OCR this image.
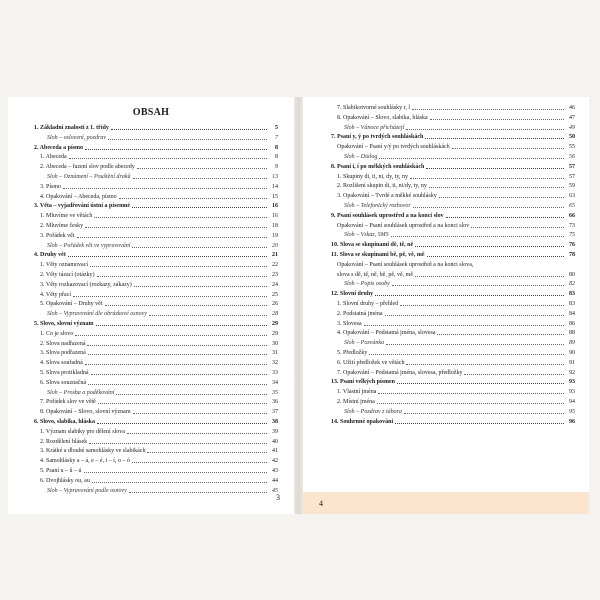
OBSAH
1. Základní znalosti z 1. třídy	5
Sloh – oslovení, pozdrav	7
2. Abeceda a písmo	8
1. Abeceda	8
2. Abeceda – řazení slov podle abecedy	9
Sloh – Oznámení – Pouštění draků	13
3. Písmo	14
4. Opakování – Abeceda, písmo	15
3. Věta – vyjadřování ústní a písemné	16
1. Mluvíme ve větách	16
2. Mluvíme česky	18
3. Pořádek vět	19
Sloh – Pořádek vět ve vypravování	20
4. Druhy vět	21
1. Věty oznamovací	22
2. Věty tázací (otázky)	23
3. Věty rozkazovací (rozkazy, zákazy)	24
4. Věty přací	25
5. Opakování – Druhy vět	26
Sloh – Vypravování dle obrázkové osnovy	28
5. Slovo, slovní význam	29
1. Co je slovo	29
2. Slova nadřazená	30
3. Slova podřazená	31
4. Slova souřadná	32
5. Slova protikladná	33
6. Slova souznačná	34
Sloh – Prosba a poděkování	35
7. Pořádek slov ve větě	36
8. Opakování – Slovo, slovní význam	37
6. Slovo, slabika, hláska	38
1. Význam slabiky pro dělení slova	39
2. Rozdělení hlásek	40
3. Krátké a dlouhé samohlásky ve slabikách	41
4. Samohlásky a – á, e – é, i – í, o – ó	42
5. Psaní u – ů – ú	43
6. Dvojhlásky ou, au	44
Sloh – Vypravování podle osnovy	45
3
7. Slabikotvorné souhlásky r, l	46
8. Opakování – Slovo, slabika, hláska	47
Sloh – Vánoce přicházejí	49
7. Psaní y, ý po tvrdých souhláskách	50
Opakování – Psaní y/ý po tvrdých souhláskách	55
Sloh – Dialog	56
8. Psaní i, í po měkkých souhláskách	57
1. Skupiny di, ti, ni, dy, ty, ny	57
2. Rozlišení skupin di, ti, ni/dy, ty, ny	59
3. Opakování – Tvrdé a měkké souhlásky	63
Sloh – Telefonický rozhovor	65
9. Psaní souhlásek uprostřed a na konci slov	66
Opakování – Psaní souhlásek uprostřed a na konci slov	73
Sloh – Vzkaz, SMS	75
10. Slova se skupinami dě, tě, ně	76
11. Slova se skupinami bě, pě, vě, mě	78
Opakování – Psaní souhlásek uprostřed a na konci slova,
slova s dě, tě, ně, bě, pě, vě, mě	80
Sloh – Popis osoby	82
12. Slovní druhy	83
1. Slovní druhy – přehled	83
2. Podstatná jména	84
3. Slovesa	86
4. Opakování – Podstatná jména, slovesa	88
Sloh – Pozvánka	89
5. Předložky	90
6. Užití předložek ve větách	91
7. Opakování – Podstatná jména, slovesa, předložky	92
13. Psaní velkých písmen	93
1. Vlastní jména	93
2. Místní jména	94
Sloh – Pozdrav z tábora	95
14. Souhrnné opakování	96
4
